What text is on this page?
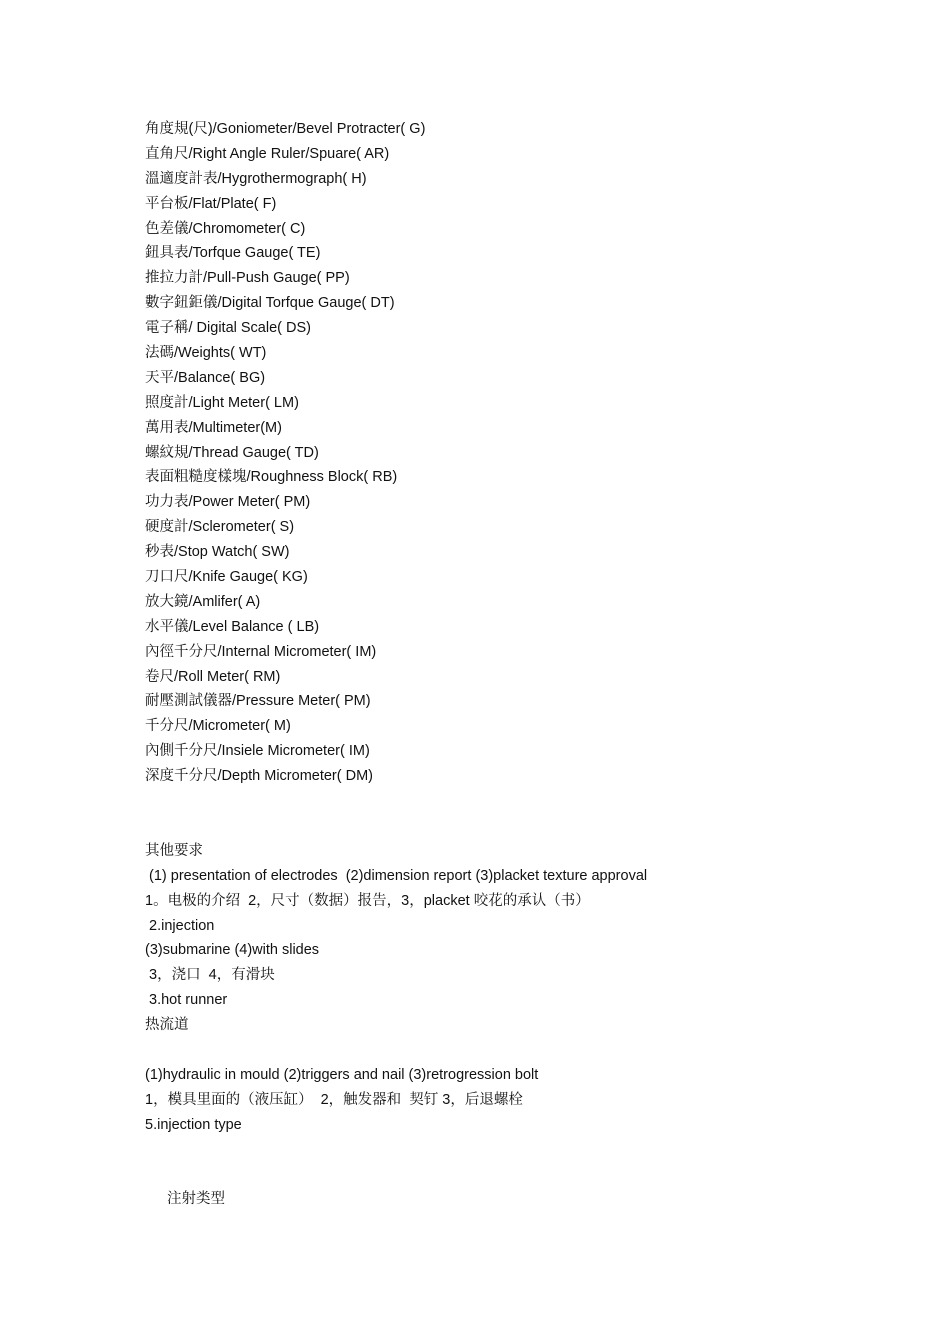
角度規(尺)/Goniometer/Bevel Protracter( G)
直角尺/Right Angle Ruler/Spuare( AR)
溫適度計表/Hygrothermograph( H)
平台板/Flat/Plate( F)
色差儀/Chromometer( C)
鈕具表/Torfque Gauge( TE)
推拉力計/Pull-Push Gauge( PP)
數字鈕鉅儀/Digital Torfque Gauge( DT)
電子稱/ Digital Scale( DS)
法碼/Weights( WT)
天平/Balance( BG)
照度計/Light Meter( LM)
萬用表/Multimeter(M)
螺紋規/Thread Gauge( TD)
表面粗糙度樣塊/Roughness Block( RB)
功力表/Power Meter( PM)
硬度計/Sclerometer( S)
秒表/Stop Watch( SW)
刀口尺/Knife Gauge( KG)
放大鏡/Amlifer( A)
水平儀/Level Balance ( LB)
內徑千分尺/Internal Micrometer( IM)
卷尺/Roll Meter( RM)
耐壓測試儀器/Pressure Meter( PM)
千分尺/Micrometer( M)
內側千分尺/Insiele Micrometer( IM)
深度千分尺/Depth Micrometer( DM)
其他要求
(1) presentation of electrodes  (2)dimension report (3)placket texture approval
1。电极的介绍  2，尺寸（数据）报告，3，placket 咬花的承认（书）
2.injection
(3)submarine (4)with slides
3，浇口  4，有滑块
3.hot runner
热流道
(1)hydraulic in mould (2)triggers and nail (3)retrogression bolt
1，模具里面的（液压缸）  2，触发器和  契钉 3，后退螺栓
5.injection type
注射类型
